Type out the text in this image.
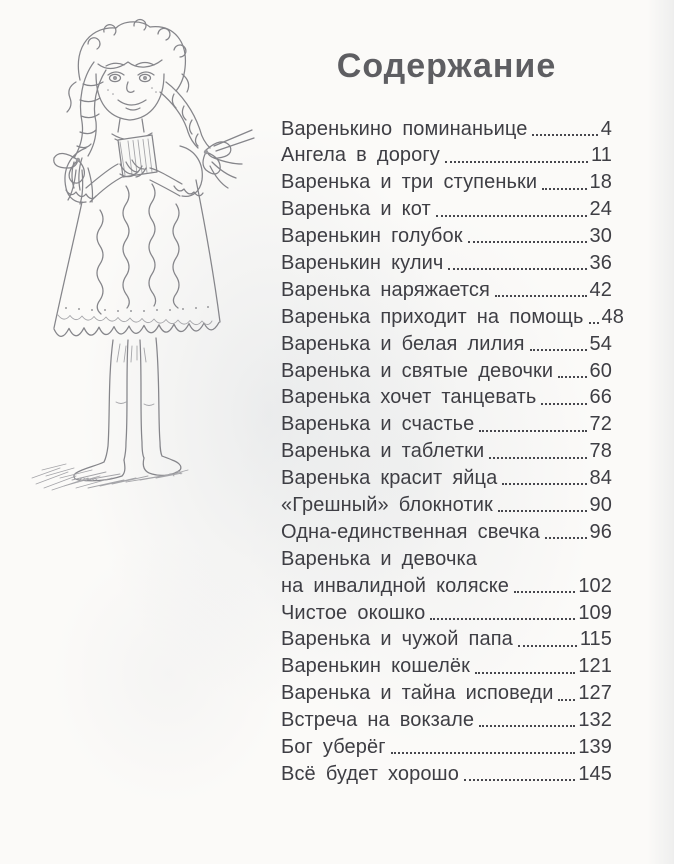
Содержание
Варенькино поминаньице	4
Ангела в дорогу	11
Варенька и три ступеньки	18
Варенька и кот	24
Варенькин голубок	30
Варенькин кулич	36
Варенька наряжается	42
Варенька приходит на помощь 48
Варенька и белая лилия	54
Варенька и святые девочки 60
Варенька хочет танцевать	66
Варенька и счастье	72
Варенька и таблетки	78
Варенька красит яйца	84
«Грешный» блокнотик	90
Одна-единственная свечка 96
Варенька и девочка
на инвалидной коляске	102
Чистое окошко	109
Варенька и чужой папа	115
Варенькин кошелёк	121
Варенька и тайна исповеди 127
Встреча на вокзале	132
Бог уберёг	139
Всё будет хорошо	145
